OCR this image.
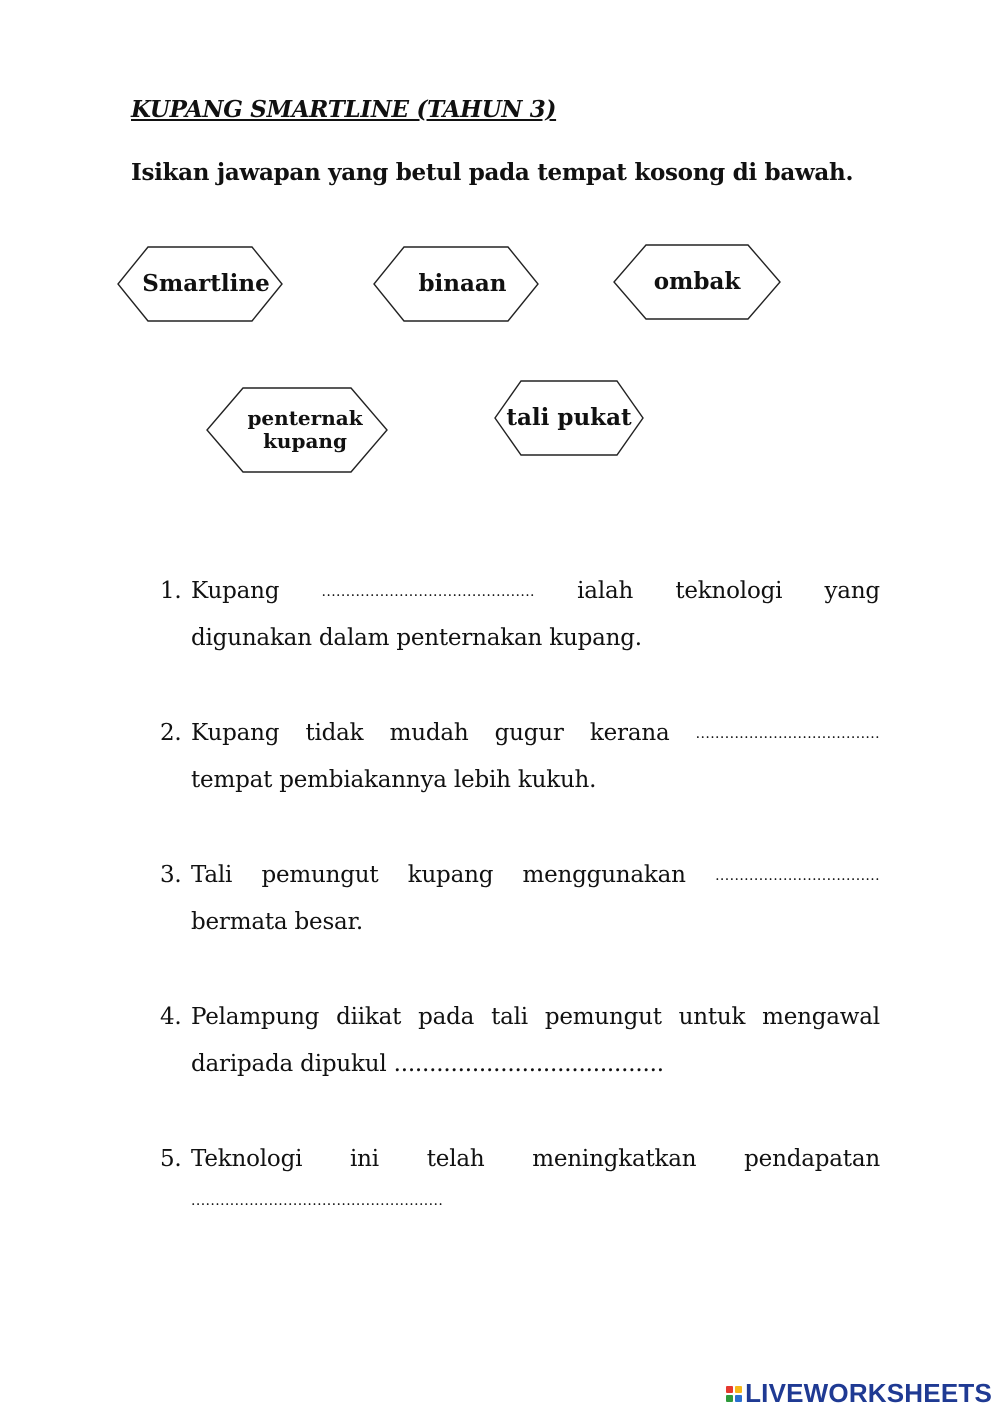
KUPANG SMARTLINE (TAHUN 3)
Isikan jawapan yang betul pada tempat kosong di bawah.
Smartline	binaan	ombak
penternak
kupang
tali pukat
1. Kupang	............................................ ialah teknologi yang
digunakan dalam penternakan kupang.
2. Kupang tidak mudah gugur kerana ......................................
tempat pembiakannya lebih kukuh.
3. Tali pemungut kupang menggunakan ..................................
bermata besar.
4. Pelampung diikat pada tali pemungut untuk mengawal
daripada dipukul ......................................
5. Teknologi ini telah meningkatkan pendapatan
....................................................
LIVEWORKSHEETS
